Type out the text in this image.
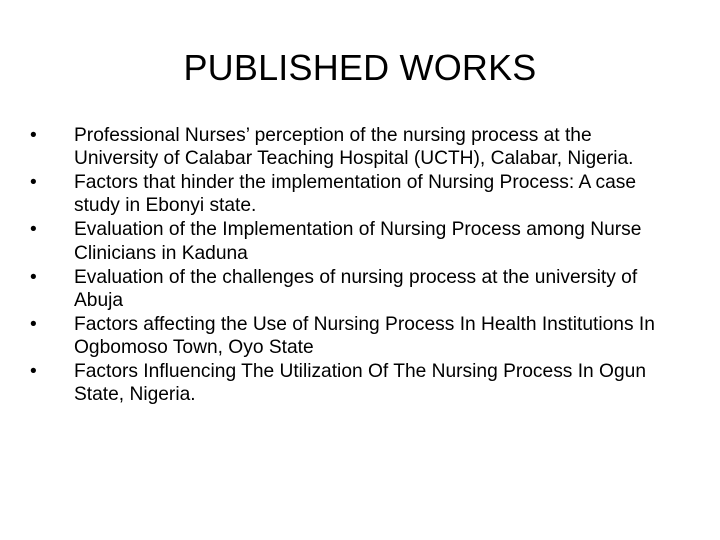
PUBLISHED WORKS
•	Professional Nurses’ perception of the nursing process at the University of Calabar Teaching Hospital (UCTH), Calabar, Nigeria.
•	Factors that hinder the implementation of Nursing Process: A case study in Ebonyi state.
•	Evaluation of the Implementation of Nursing Process among Nurse Clinicians in Kaduna
•	Evaluation of the challenges of nursing process at the university of Abuja
•	Factors affecting the Use of Nursing Process In Health Institutions In Ogbomoso Town, Oyo State
•	Factors Influencing The Utilization Of The Nursing Process In Ogun State, Nigeria.
